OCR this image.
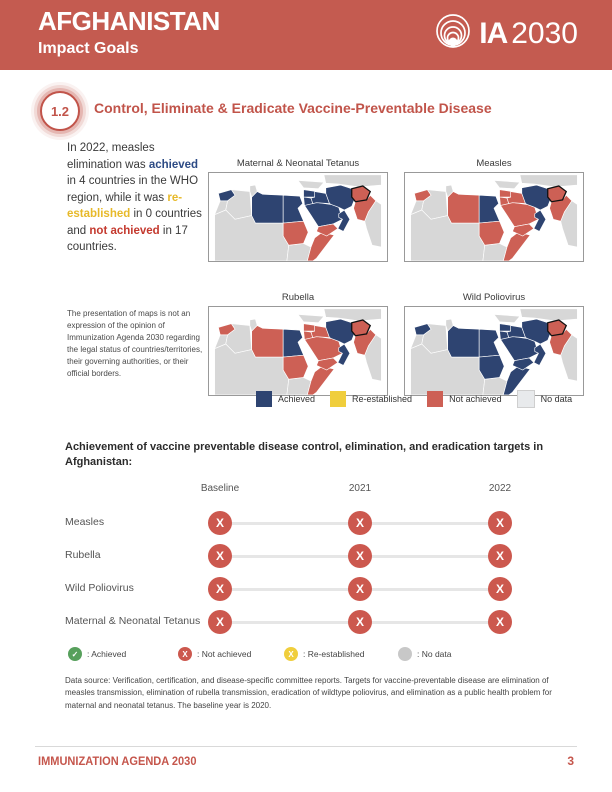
AFGHANISTAN
Impact Goals	IA 2030
1.2 Control, Eliminate & Eradicate Vaccine-Preventable Disease

In 2022, measles elimination was achieved in 4 countries in the WHO region, while it was re-established in 0 countries and not achieved in 17 countries.

The presentation of maps is not an expression of the opinion of Immunization Agenda 2030 regarding the legal status of countries/territories, their governing authorities, or their official borders.

Maternal & Neonatal Tetanus	Measles
Rubella	Wild Poliovirus
Achieved	Re-established	Not achieved	No data
Achievement of vaccine preventable disease control, elimination, and eradication targets in Afghanistan:
Baseline	2021	2022
Measles	X	X	X
Rubella	X	X	X
Wild Poliovirus	X	X	X
Maternal & Neonatal Tetanus	X	X	X
✓	: Achieved	X	: Not achieved	X	: Re-established	: No data

Data source: Verification, certification, and disease-specific committee reports. Targets for vaccine-preventable disease are elimination of measles transmission, elimination of rubella transmission, eradication of wildtype poliovirus, and elimination as a public health problem for maternal and neonatal tetanus. The baseline year is 2020.

IMMUNIZATION AGENDA 2030	3
